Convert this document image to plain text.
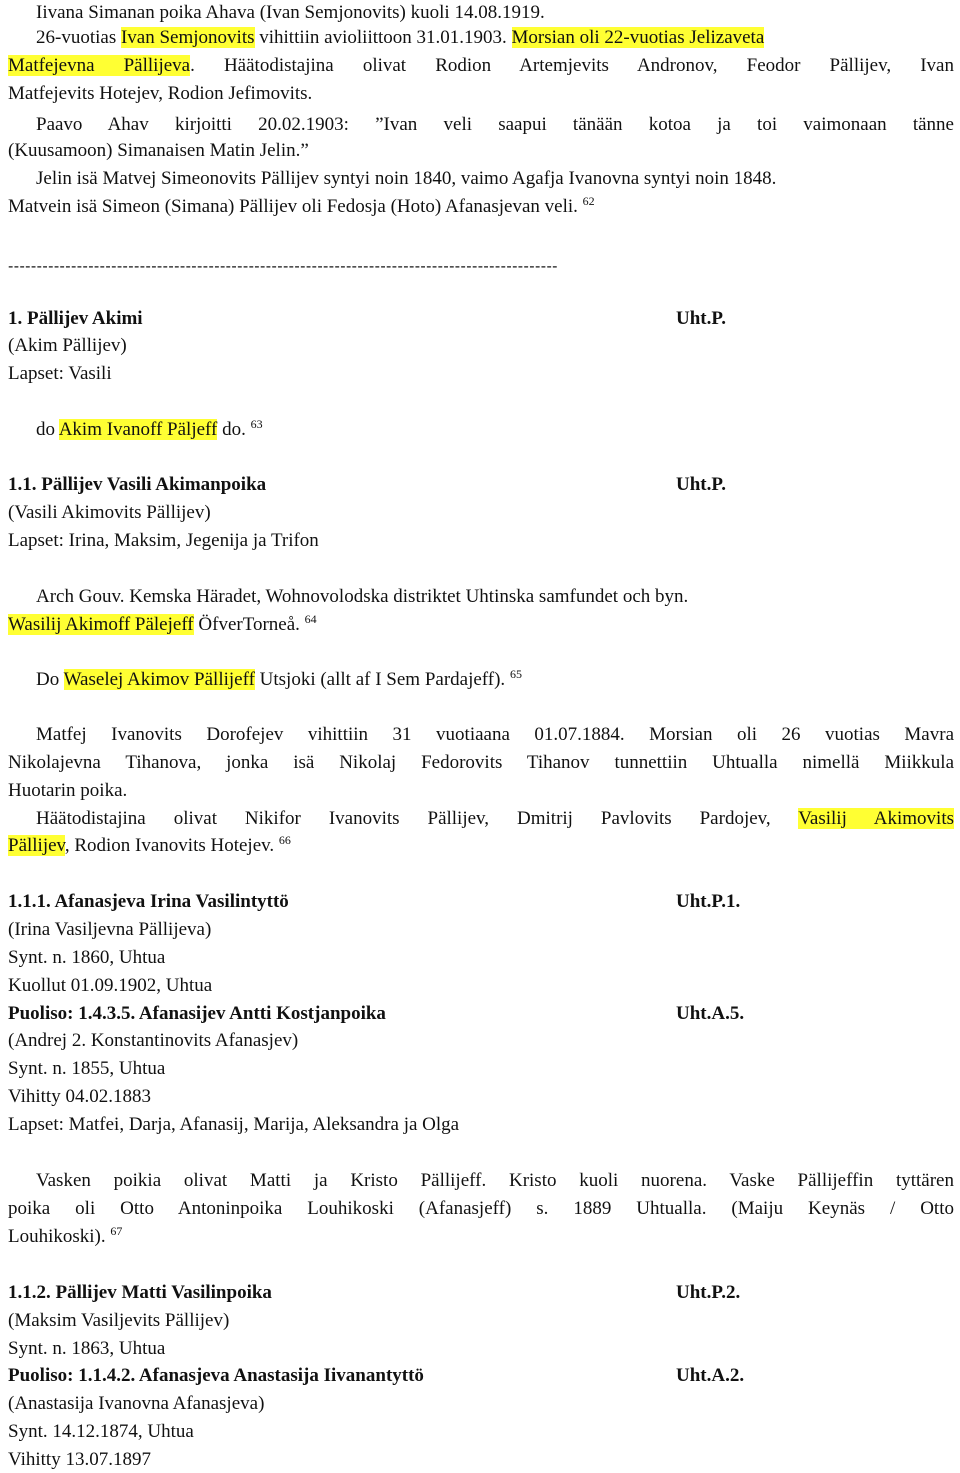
Iivana Simanan poika Ahava (Ivan Semjonovits) kuoli 14.08.1919.
26-vuotias Ivan Semjonovits vihittiin avioliittoon 31.01.1903. Morsian oli 22-vuotias Jelizaveta
Matfejevna Pällijeva. Häätodistajina olivat Rodion Artemjevits Andronov, Feodor Pällijev, Ivan
Matfejevits Hotejev, Rodion Jefimovits.
Paavo Ahav kirjoitti 20.02.1903: ”Ivan veli saapui tänään kotoa ja toi vaimonaan tänne
(Kuusamoon) Simanaisen Matin Jelin.”
Jelin isä Matvej Simeonovits Pällijev syntyi noin 1840, vaimo Agafja Ivanovna syntyi noin 1848.
Matvein isä Simeon (Simana) Pällijev oli Fedosja (Hoto) Afanasjevan veli. $^{62}$
------------------------------------------------------------------------------------------------
1. Pällijev Akimi	Uht.P.
(Akim Pällijev)
Lapset: Vasili
do Akim Ivanoff Päljeff do. $^{63}$
1.1. Pällijev Vasili Akimanpoika	Uht.P.
(Vasili Akimovits Pällijev)
Lapset: Irina, Maksim, Jegenija ja Trifon
Arch Gouv. Kemska Häradet, Wohnovolodska distriktet Uhtinska samfundet och byn.
Wasilij Akimoff Pälejeff ÖfverTorneå. $^{64}$
Do Waselej Akimov Pällijeff Utsjoki (allt af I Sem Pardajeff). $^{65}$
Matfej Ivanovits Dorofejev vihittiin 31 vuotiaana 01.07.1884. Morsian oli 26 vuotias Mavra
Nikolajevna Tihanova, jonka isä Nikolaj Fedorovits Tihanov tunnettiin Uhtualla nimellä Miikkula
Huotarin poika.
Häätodistajina olivat Nikifor Ivanovits Pällijev, Dmitrij Pavlovits Pardojev, Vasilij Akimovits
Pällijev, Rodion Ivanovits Hotejev. $^{66}$
1.1.1. Afanasjeva Irina Vasilintyttö	Uht.P.1.
(Irina Vasiljevna Pällijeva)
Synt. n. 1860, Uhtua
Kuollut 01.09.1902, Uhtua
Puoliso: 1.4.3.5. Afanasijev Antti Kostjanpoika	Uht.A.5.
(Andrej 2. Konstantinovits Afanasjev)
Synt. n. 1855, Uhtua
Vihitty 04.02.1883
Lapset: Matfei, Darja, Afanasij, Marija, Aleksandra ja Olga
Vasken poikia olivat Matti ja Kristo Pällijeff. Kristo kuoli nuorena. Vaske Pällijeffin tyttären
poika oli Otto Antoninpoika Louhikoski (Afanasjeff) s. 1889 Uhtualla. (Maiju Keynäs / Otto
Louhikoski). $^{67}$
1.1.2. Pällijev Matti Vasilinpoika	Uht.P.2.
(Maksim Vasiljevits Pällijev)
Synt. n. 1863, Uhtua
Puoliso: 1.1.4.2. Afanasjeva Anastasija Iivanantyttö	Uht.A.2.
(Anastasija Ivanovna Afanasjeva)
Synt. 14.12.1874, Uhtua
Vihitty 13.07.1897
